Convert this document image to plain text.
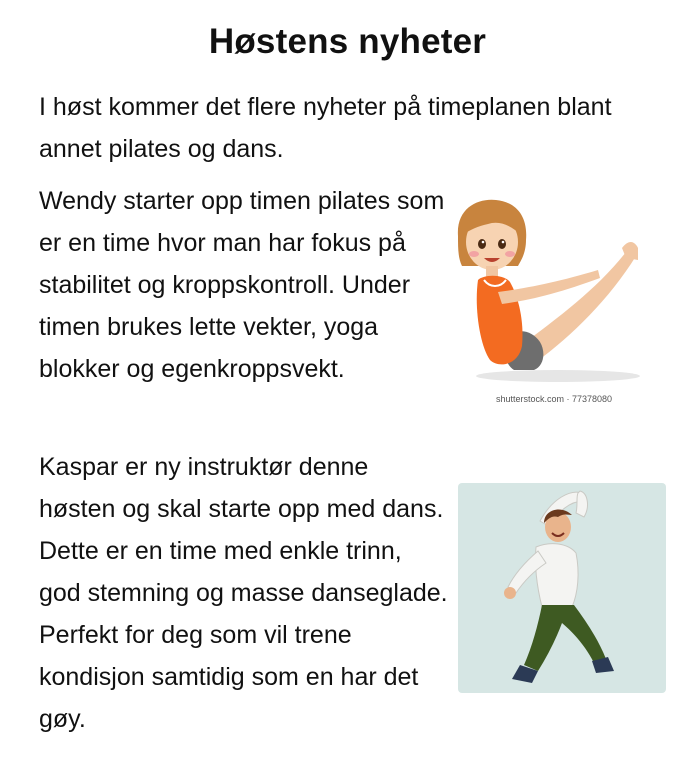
Høstens nyheter

I høst kommer det flere nyheter på timeplanen blant annet pilates og dans.

Wendy starter opp timen pilates som er en time hvor man har fokus på stabilitet og kroppskontroll. Under timen brukes lette vekter, yoga blokker og egenkroppsvekt.

Kaspar er ny instruktør denne høsten og skal starte opp med dans. Dette er en time med enkle trinn, god stemning og masse danseglade. Perfekt for deg som vil trene kondisjon samtidig som en har det gøy.

shutterstock.com · 77378080
